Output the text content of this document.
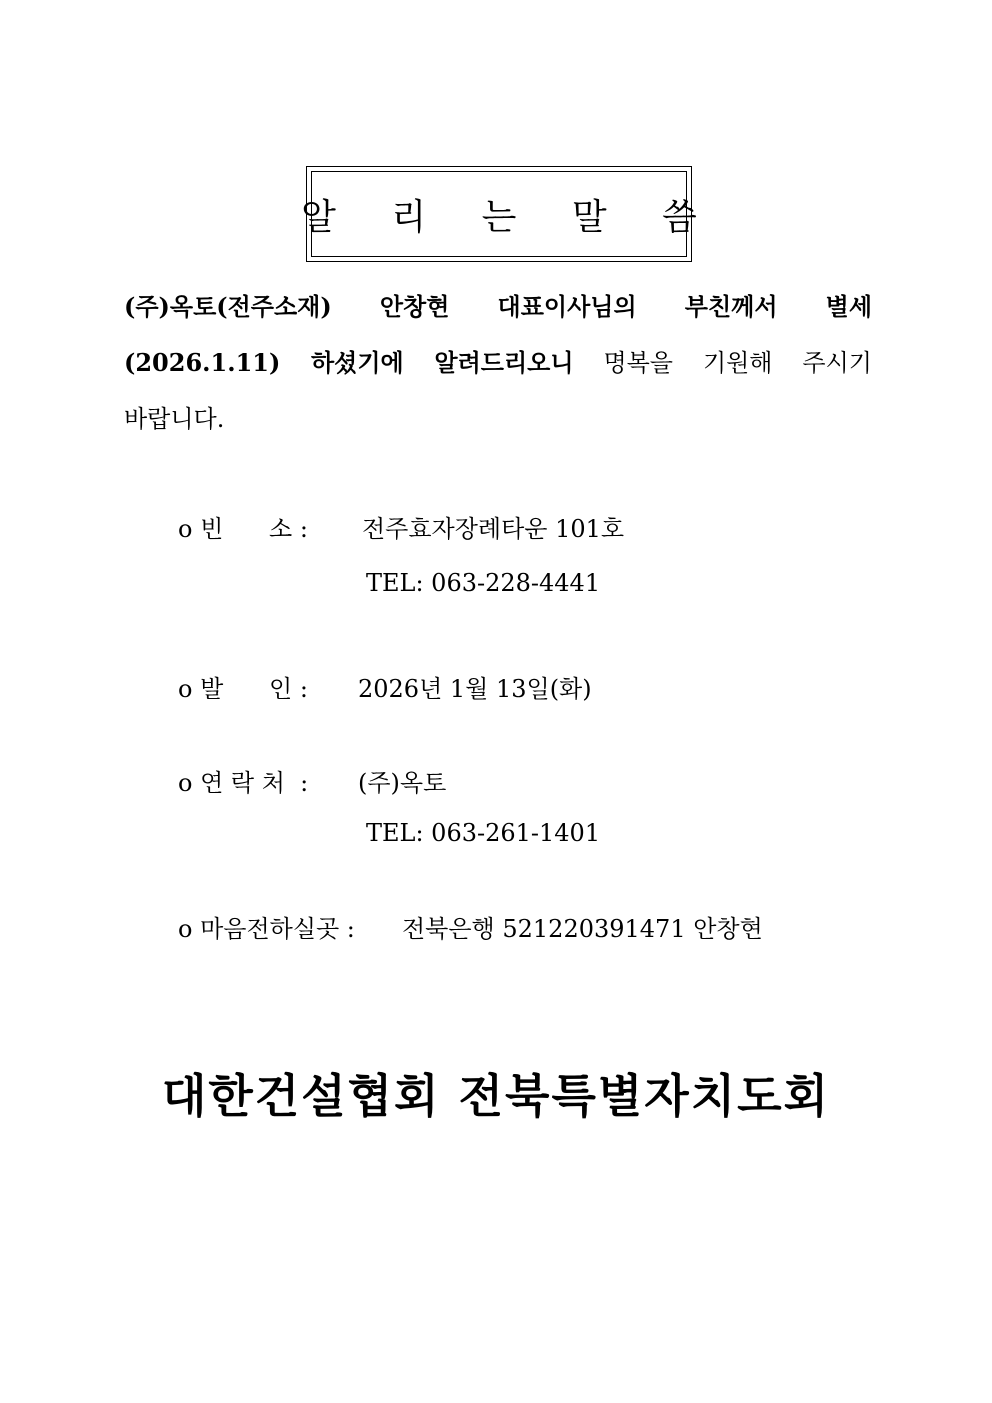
알 리 는 말 씀
(주)옥토(전주소재) 안창현 대표이사님의 부친께서 별세
(2026.1.11) 하셨기에 알려드리오니 명복을 기원해 주시기
바랍니다.
o 빈      소 : 전주효자장례타운 101호
TEL: 063-228-4441
o 발      인 : 2026년 1월 13일(화)
o 연 락 처  : (주)옥토
TEL: 063-261-1401
o 마음전하실곳 : 전북은행 521220391471 안창현
대한건설협회 전북특별자치도회
